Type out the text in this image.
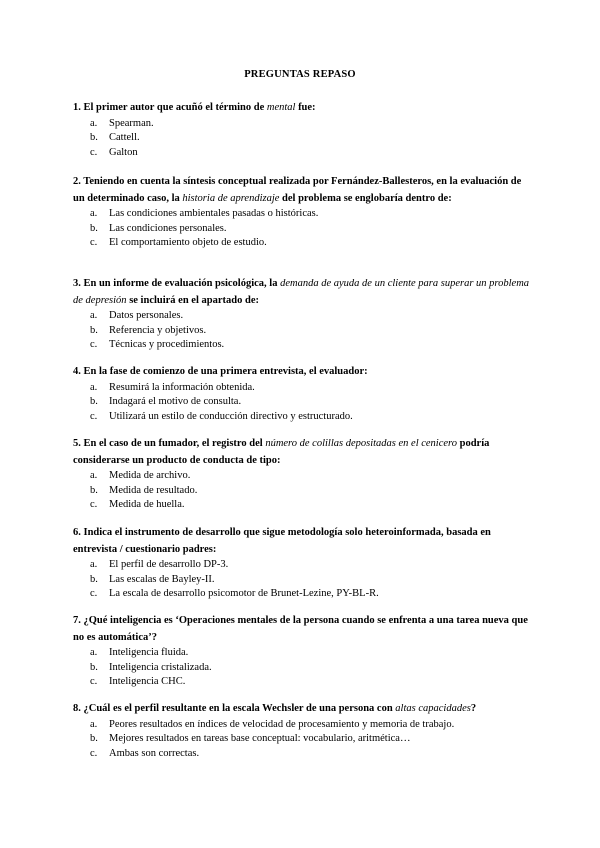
PREGUNTAS REPASO
1. El primer autor que acuñó el término de mental fue:
a. Spearman.
b. Cattell.
c. Galton
2. Teniendo en cuenta la síntesis conceptual realizada por Fernández-Ballesteros, en la evaluación de un determinado caso, la historia de aprendizaje del problema se englobaría dentro de:
a. Las condiciones ambientales pasadas o históricas.
b. Las condiciones personales.
c. El comportamiento objeto de estudio.
3. En un informe de evaluación psicológica, la demanda de ayuda de un cliente para superar un problema de depresión se incluirá en el apartado de:
a. Datos personales.
b. Referencia y objetivos.
c. Técnicas y procedimientos.
4. En la fase de comienzo de una primera entrevista, el evaluador:
a. Resumirá la información obtenida.
b. Indagará el motivo de consulta.
c. Utilizará un estilo de conducción directivo y estructurado.
5. En el caso de un fumador, el registro del número de colillas depositadas en el cenicero podría considerarse un producto de conducta de tipo:
a. Medida de archivo.
b. Medida de resultado.
c. Medida de huella.
6. Indica el instrumento de desarrollo que sigue metodología solo heteroinformada, basada en entrevista / cuestionario padres:
a. El perfil de desarrollo DP-3.
b. Las escalas de Bayley-II.
c. La escala de desarrollo psicomotor de Brunet-Lezine, PY-BL-R.
7. ¿Qué inteligencia es ‘Operaciones mentales de la persona cuando se enfrenta a una tarea nueva que no es automática’?
a. Inteligencia fluida.
b. Inteligencia cristalizada.
c. Inteligencia CHC.
8. ¿Cuál es el perfil resultante en la escala Wechsler de una persona con altas capacidades?
a. Peores resultados en índices de velocidad de procesamiento y memoria de trabajo.
b. Mejores resultados en tareas base conceptual: vocabulario, aritmética…
c. Ambas son correctas.
